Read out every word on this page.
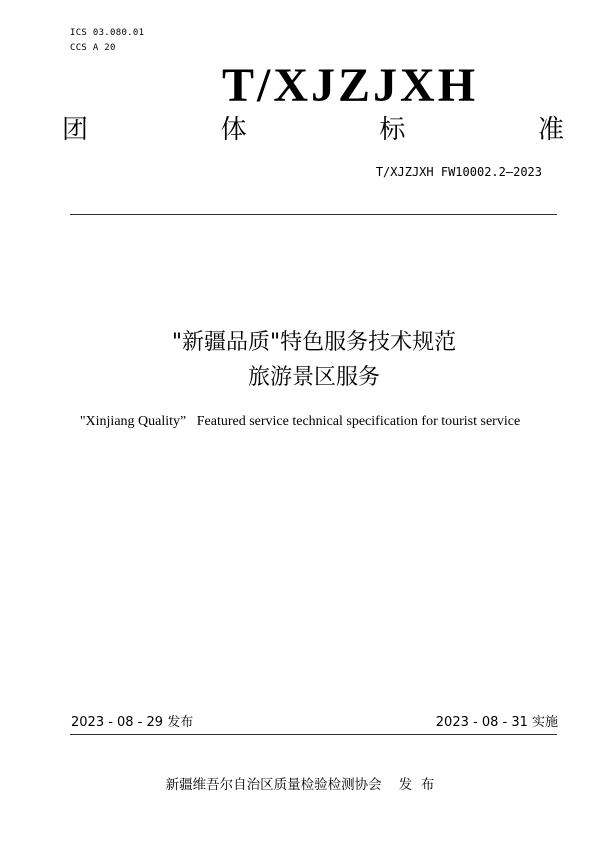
ICS 03.080.01
CCS A 20
T/XJZJXH
团	体	标	准
T/XJZJXH FW10002.2—2023
"新疆品质"特色服务技术规范
旅游景区服务
"Xinjiang Quality”   Featured service technical specification for tourist service
2023 - 08 - 29 发布	2023 - 08 - 31 实施
新疆维吾尔自治区质量检验检测协会    发  布
